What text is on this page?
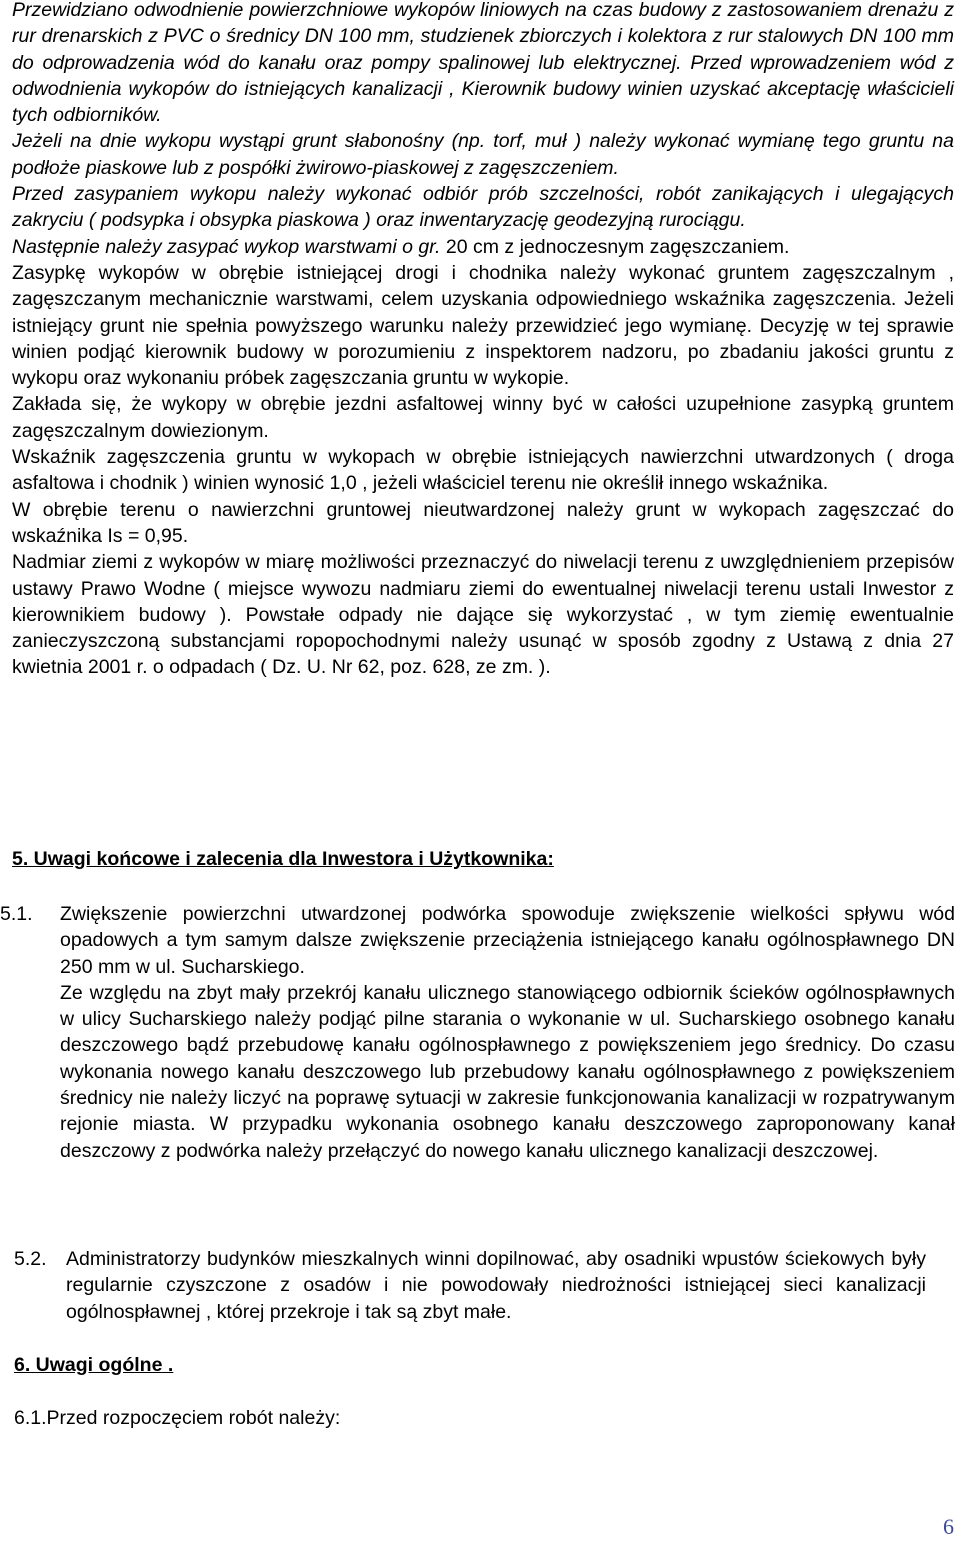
Przewidziano odwodnienie powierzchniowe wykopów liniowych na czas budowy z zastosowaniem drenażu z rur drenarskich z PVC o średnicy DN 100 mm, studzienek zbiorczych i kolektora z rur stalowych DN 100 mm do odprowadzenia wód do kanału oraz pompy spalinowej lub elektrycznej. Przed wprowadzeniem wód z odwodnienia wykopów do istniejących kanalizacji , Kierownik budowy winien uzyskać akceptację właścicieli tych odbiorników.

Jeżeli na dnie wykopu wystąpi grunt słabonośny (np. torf, muł ) należy wykonać wymianę tego gruntu na podłoże piaskowe lub z pospółki żwirowo-piaskowej z zagęszczeniem.

Przed zasypaniem wykopu należy wykonać odbiór prób szczelności, robót zanikających i ulegających zakryciu ( podsypka i obsypka piaskowa ) oraz inwentaryzację geodezyjną rurociągu.

Następnie należy zasypać wykop warstwami o gr. 20 cm z jednoczesnym zagęszczaniem.

Zasypkę wykopów w obrębie istniejącej drogi i chodnika należy wykonać gruntem zagęszczalnym , zagęszczanym mechanicznie warstwami, celem uzyskania odpowiedniego wskaźnika zagęszczenia. Jeżeli istniejący grunt nie spełnia powyższego warunku należy przewidzieć jego wymianę. Decyzję w tej sprawie winien podjąć kierownik budowy w porozumieniu z inspektorem nadzoru, po zbadaniu jakości gruntu z wykopu oraz wykonaniu próbek zagęszczania gruntu w wykopie.

Zakłada się, że wykopy w obrębie jezdni asfaltowej winny być w całości uzupełnione zasypką gruntem zagęszczalnym dowiezionym.

Wskaźnik zagęszczenia gruntu w wykopach w obrębie istniejących nawierzchni utwardzonych ( droga asfaltowa i chodnik ) winien wynosić 1,0 , jeżeli właściciel terenu nie określił innego wskaźnika.

W obrębie terenu o nawierzchni gruntowej nieutwardzonej należy grunt w wykopach zagęszczać do wskaźnika Is = 0,95.

Nadmiar ziemi z wykopów w miarę możliwości przeznaczyć do niwelacji terenu z uwzględnieniem przepisów ustawy Prawo Wodne ( miejsce wywozu nadmiaru ziemi do ewentualnej niwelacji terenu ustali Inwestor z kierownikiem budowy ). Powstałe odpady nie dające się wykorzystać , w tym ziemię ewentualnie zanieczyszczoną substancjami ropopochodnymi należy usunąć w sposób zgodny z Ustawą z dnia 27 kwietnia 2001 r. o odpadach ( Dz. U. Nr 62, poz. 628, ze zm. ).

5. Uwagi końcowe i zalecenia dla Inwestora i Użytkownika:
5.1. Zwiększenie powierzchni utwardzonej podwórka spowoduje zwiększenie wielkości spływu wód opadowych a tym samym dalsze zwiększenie przeciążenia istniejącego kanału ogólnospławnego DN 250 mm w ul. Sucharskiego.

Ze względu na zbyt mały przekrój kanału ulicznego stanowiącego odbiornik ścieków ogólnospławnych w ulicy Sucharskiego należy podjąć pilne starania o wykonanie w ul. Sucharskiego osobnego kanału deszczowego bądź przebudowę kanału ogólnospławnego z powiększeniem jego średnicy. Do czasu wykonania nowego kanału deszczowego lub przebudowy kanału ogólnospławnego z powiększeniem średnicy nie należy liczyć na poprawę sytuacji w zakresie funkcjonowania kanalizacji w rozpatrywanym rejonie miasta. W przypadku wykonania osobnego kanału deszczowego zaproponowany kanał deszczowy z podwórka należy przełączyć do nowego kanału ulicznego kanalizacji deszczowej.

5.2. Administratorzy budynków mieszkalnych winni dopilnować, aby osadniki wpustów ściekowych były regularnie czyszczone z osadów i nie powodowały niedrożności istniejącej sieci kanalizacji ogólnospławnej , której przekroje i tak są zbyt małe.

6. Uwagi ogólne .
6.1.Przed rozpoczęciem robót należy:
6
